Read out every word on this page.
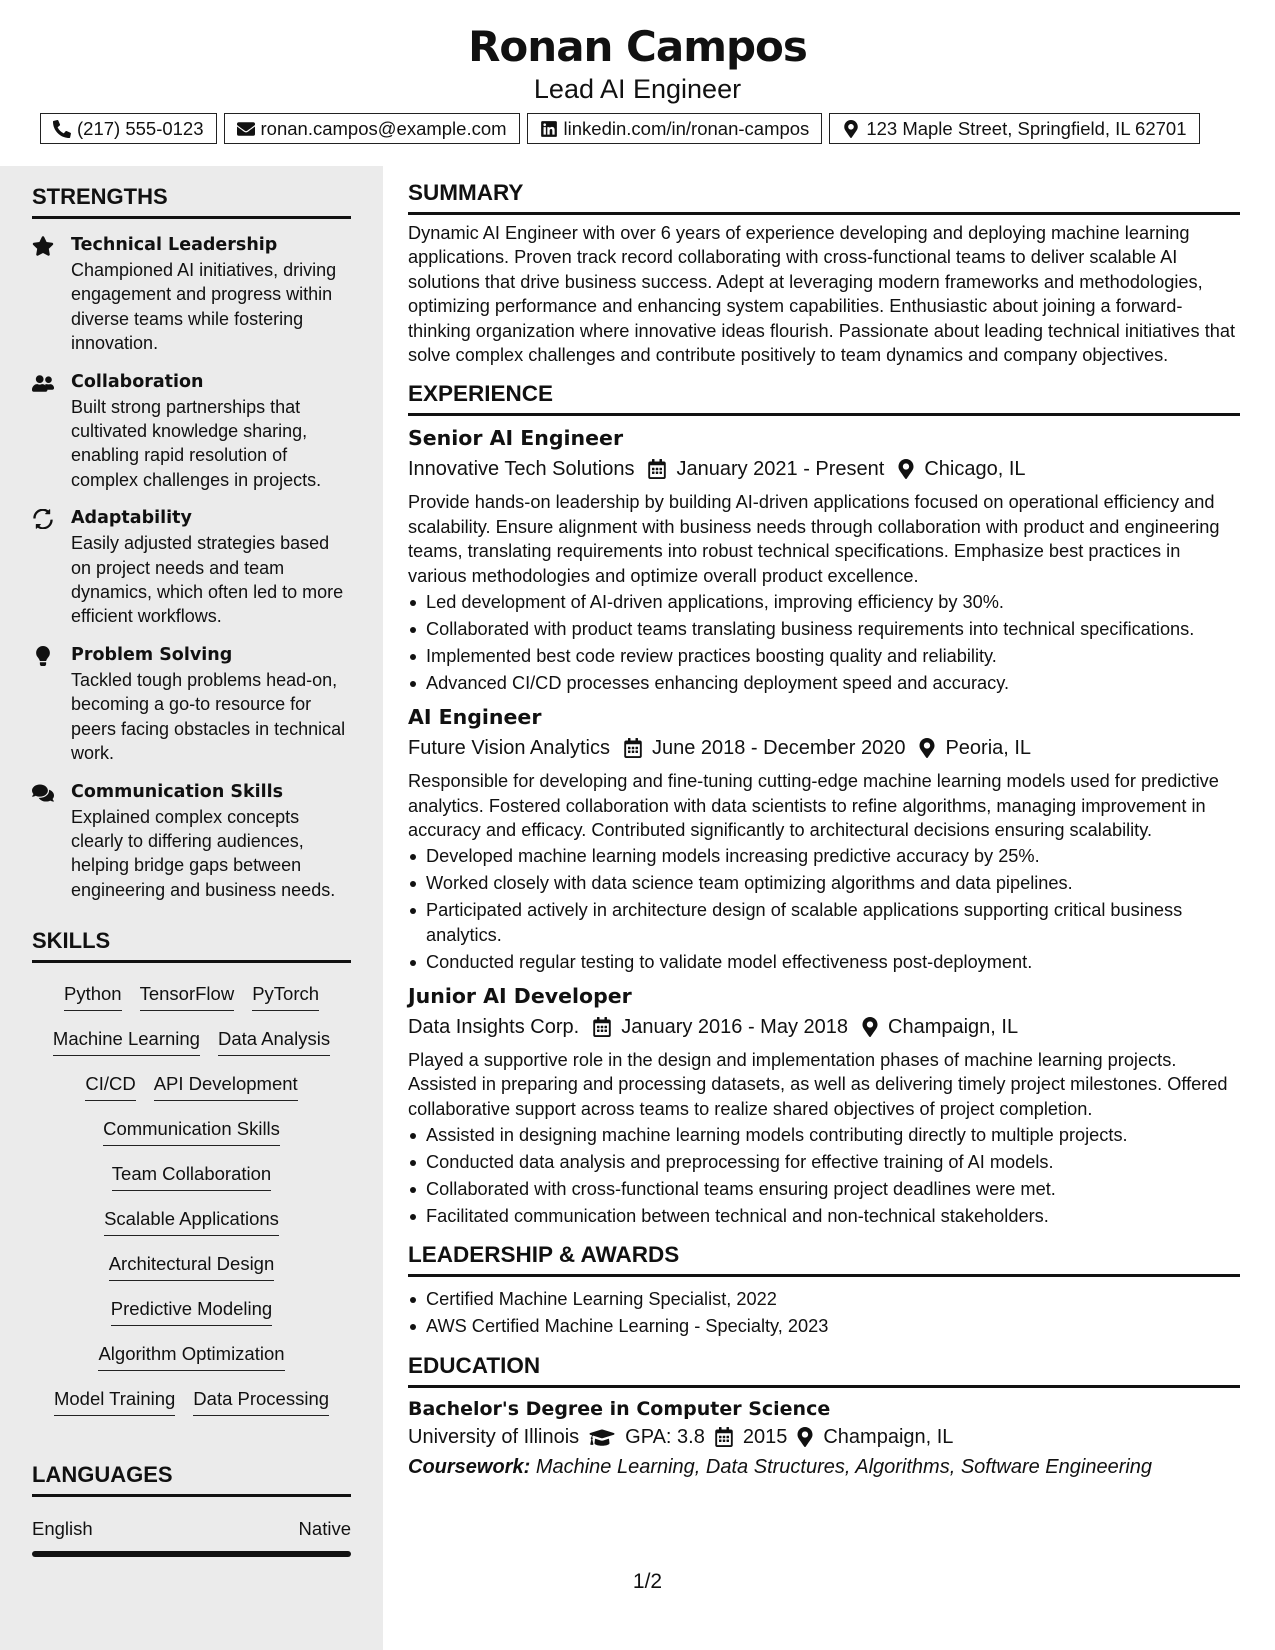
Ronan Campos
Lead AI Engineer
(217) 555-0123	ronan.campos@example.com	linkedin.com/in/ronan-campos	123 Maple Street, Springfield, IL 62701
STRENGTHS
Technical Leadership
Championed AI initiatives, driving engagement and progress within diverse teams while fostering innovation.
Collaboration
Built strong partnerships that cultivated knowledge sharing, enabling rapid resolution of complex challenges in projects.
Adaptability
Easily adjusted strategies based on project needs and team dynamics, which often led to more efficient workflows.
Problem Solving
Tackled tough problems head-on, becoming a go-to resource for peers facing obstacles in technical work.
Communication Skills
Explained complex concepts clearly to differing audiences, helping bridge gaps between engineering and business needs.
SKILLS
Python TensorFlow PyTorch
Machine Learning Data Analysis
CI/CD API Development
Communication Skills
Team Collaboration
Scalable Applications
Architectural Design
Predictive Modeling
Algorithm Optimization
Model Training Data Processing
LANGUAGES
English	Native
SUMMARY
Dynamic AI Engineer with over 6 years of experience developing and deploying machine learning applications. Proven track record collaborating with cross-functional teams to deliver scalable AI solutions that drive business success. Adept at leveraging modern frameworks and methodologies, optimizing performance and enhancing system capabilities. Enthusiastic about joining a forward-thinking organization where innovative ideas flourish. Passionate about leading technical initiatives that solve complex challenges and contribute positively to team dynamics and company objectives.
EXPERIENCE
Senior AI Engineer
Innovative Tech Solutions January 2021 - Present Chicago, IL
Provide hands-on leadership by building AI-driven applications focused on operational efficiency and scalability. Ensure alignment with business needs through collaboration with product and engineering teams, translating requirements into robust technical specifications. Emphasize best practices in various methodologies and optimize overall product excellence.
Led development of AI-driven applications, improving efficiency by 30%.
Collaborated with product teams translating business requirements into technical specifications.
Implemented best code review practices boosting quality and reliability.
Advanced CI/CD processes enhancing deployment speed and accuracy.
AI Engineer
Future Vision Analytics June 2018 - December 2020 Peoria, IL
Responsible for developing and fine-tuning cutting-edge machine learning models used for predictive analytics. Fostered collaboration with data scientists to refine algorithms, managing improvement in accuracy and efficacy. Contributed significantly to architectural decisions ensuring scalability.
Developed machine learning models increasing predictive accuracy by 25%.
Worked closely with data science team optimizing algorithms and data pipelines.
Participated actively in architecture design of scalable applications supporting critical business analytics.
Conducted regular testing to validate model effectiveness post-deployment.
Junior AI Developer
Data Insights Corp. January 2016 - May 2018 Champaign, IL
Played a supportive role in the design and implementation phases of machine learning projects. Assisted in preparing and processing datasets, as well as delivering timely project milestones. Offered collaborative support across teams to realize shared objectives of project completion.
Assisted in designing machine learning models contributing directly to multiple projects.
Conducted data analysis and preprocessing for effective training of AI models.
Collaborated with cross-functional teams ensuring project deadlines were met.
Facilitated communication between technical and non-technical stakeholders.
LEADERSHIP & AWARDS
Certified Machine Learning Specialist, 2022
AWS Certified Machine Learning - Specialty, 2023
EDUCATION
Bachelor's Degree in Computer Science
University of Illinois GPA: 3.8 2015 Champaign, IL
Coursework: Machine Learning, Data Structures, Algorithms, Software Engineering
1/2
